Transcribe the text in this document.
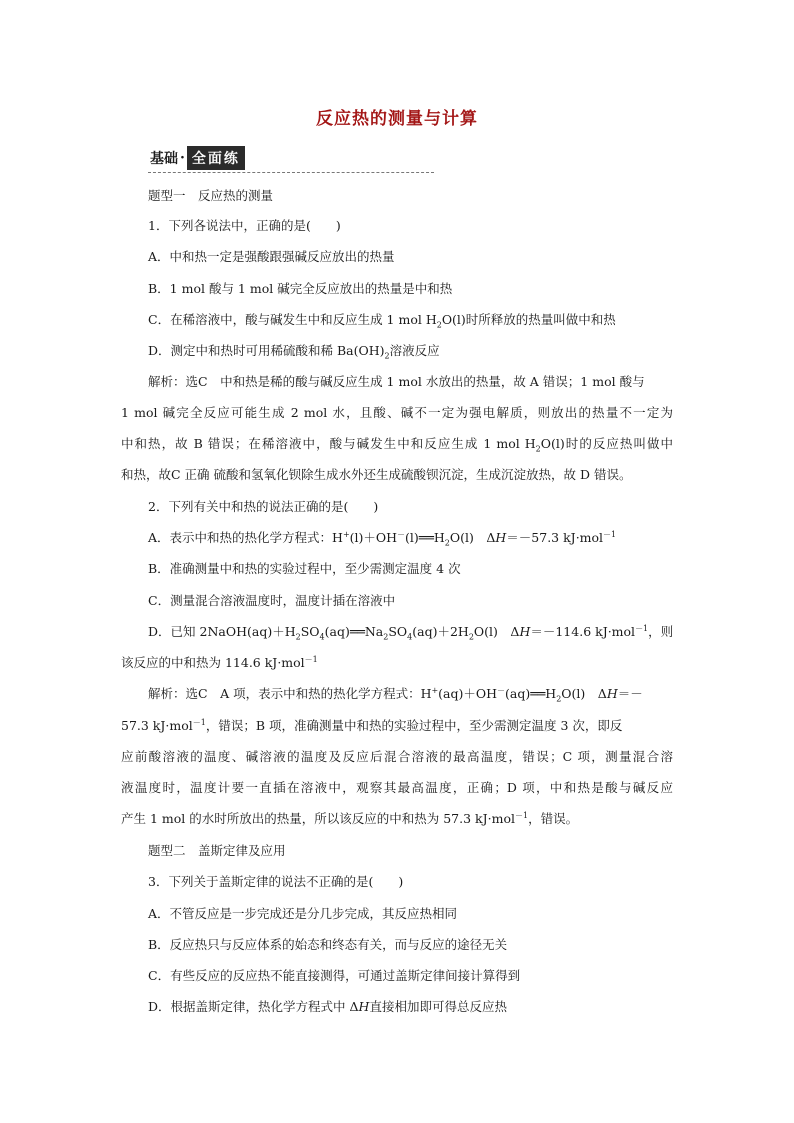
反应热的测量与计算
基础 · 全面练
题型一　反应热的测量
1．下列各说法中，正确的是(　　)
A．中和热一定是强酸跟强碱反应放出的热量
B．1 mol 酸与 1 mol 碱完全反应放出的热量是中和热
C．在稀溶液中，酸与碱发生中和反应生成 1 mol $H_2O(l)$时所释放的热量叫做中和热
D．测定中和热时可用稀硫酸和稀 $Ba(OH)_2$溶液反应
解析：选C　中和热是稀的酸与碱反应生成 1 mol 水放出的热量，故 A 错误；1 mol 酸与
1 mol 碱完全反应可能生成 2 mol 水，且酸、碱不一定为强电解质，则放出的热量不一定为
中和热，故 B 错误；在稀溶液中，酸与碱发生中和反应生成 1 mol $H_2O(l)$时的反应热叫做中
和热，故C 正确 硫酸和氢氧化钡除生成水外还生成硫酸钡沉淀，生成沉淀放热，故 D 错误。
2．下列有关中和热的说法正确的是(　　)
A．表示中和热的热化学方程式：$H^+(l)+OH^-(l)══H_2O(l)$　ΔH＝－57.3 kJ·mol$^{-1}$
B．准确测量中和热的实验过程中，至少需测定温度 4 次
C．测量混合溶液温度时，温度计插在溶液中
D．已知 $2NaOH(aq)+H_2SO_4(aq)══Na_2SO_4(aq)+2H_2O(l)$　ΔH＝－114.6 kJ·mol$^{-1}$，则
该反应的中和热为 114.6 kJ·mol$^{-1}$
解析：选C　A 项，表示中和热的热化学方程式：$H^+(aq)+OH^-(aq)══H_2O(l)$　ΔH＝－
57.3 kJ·mol$^{-1}$，错误；B 项，准确测量中和热的实验过程中，至少需测定温度 3 次，即反
应前酸溶液的温度、碱溶液的温度及反应后混合溶液的最高温度，错误；C 项，测量混合溶
液温度时，温度计要一直插在溶液中，观察其最高温度，正确；D 项，中和热是酸与碱反应
产生 1 mol 的水时所放出的热量，所以该反应的中和热为 57.3 kJ·mol$^{-1}$，错误。
题型二　盖斯定律及应用
3．下列关于盖斯定律的说法不正确的是(　　)
A．不管反应是一步完成还是分几步完成，其反应热相同
B．反应热只与反应体系的始态和终态有关，而与反应的途径无关
C．有些反应的反应热不能直接测得，可通过盖斯定律间接计算得到
D．根据盖斯定律，热化学方程式中 ΔH直接相加即可得总反应热
